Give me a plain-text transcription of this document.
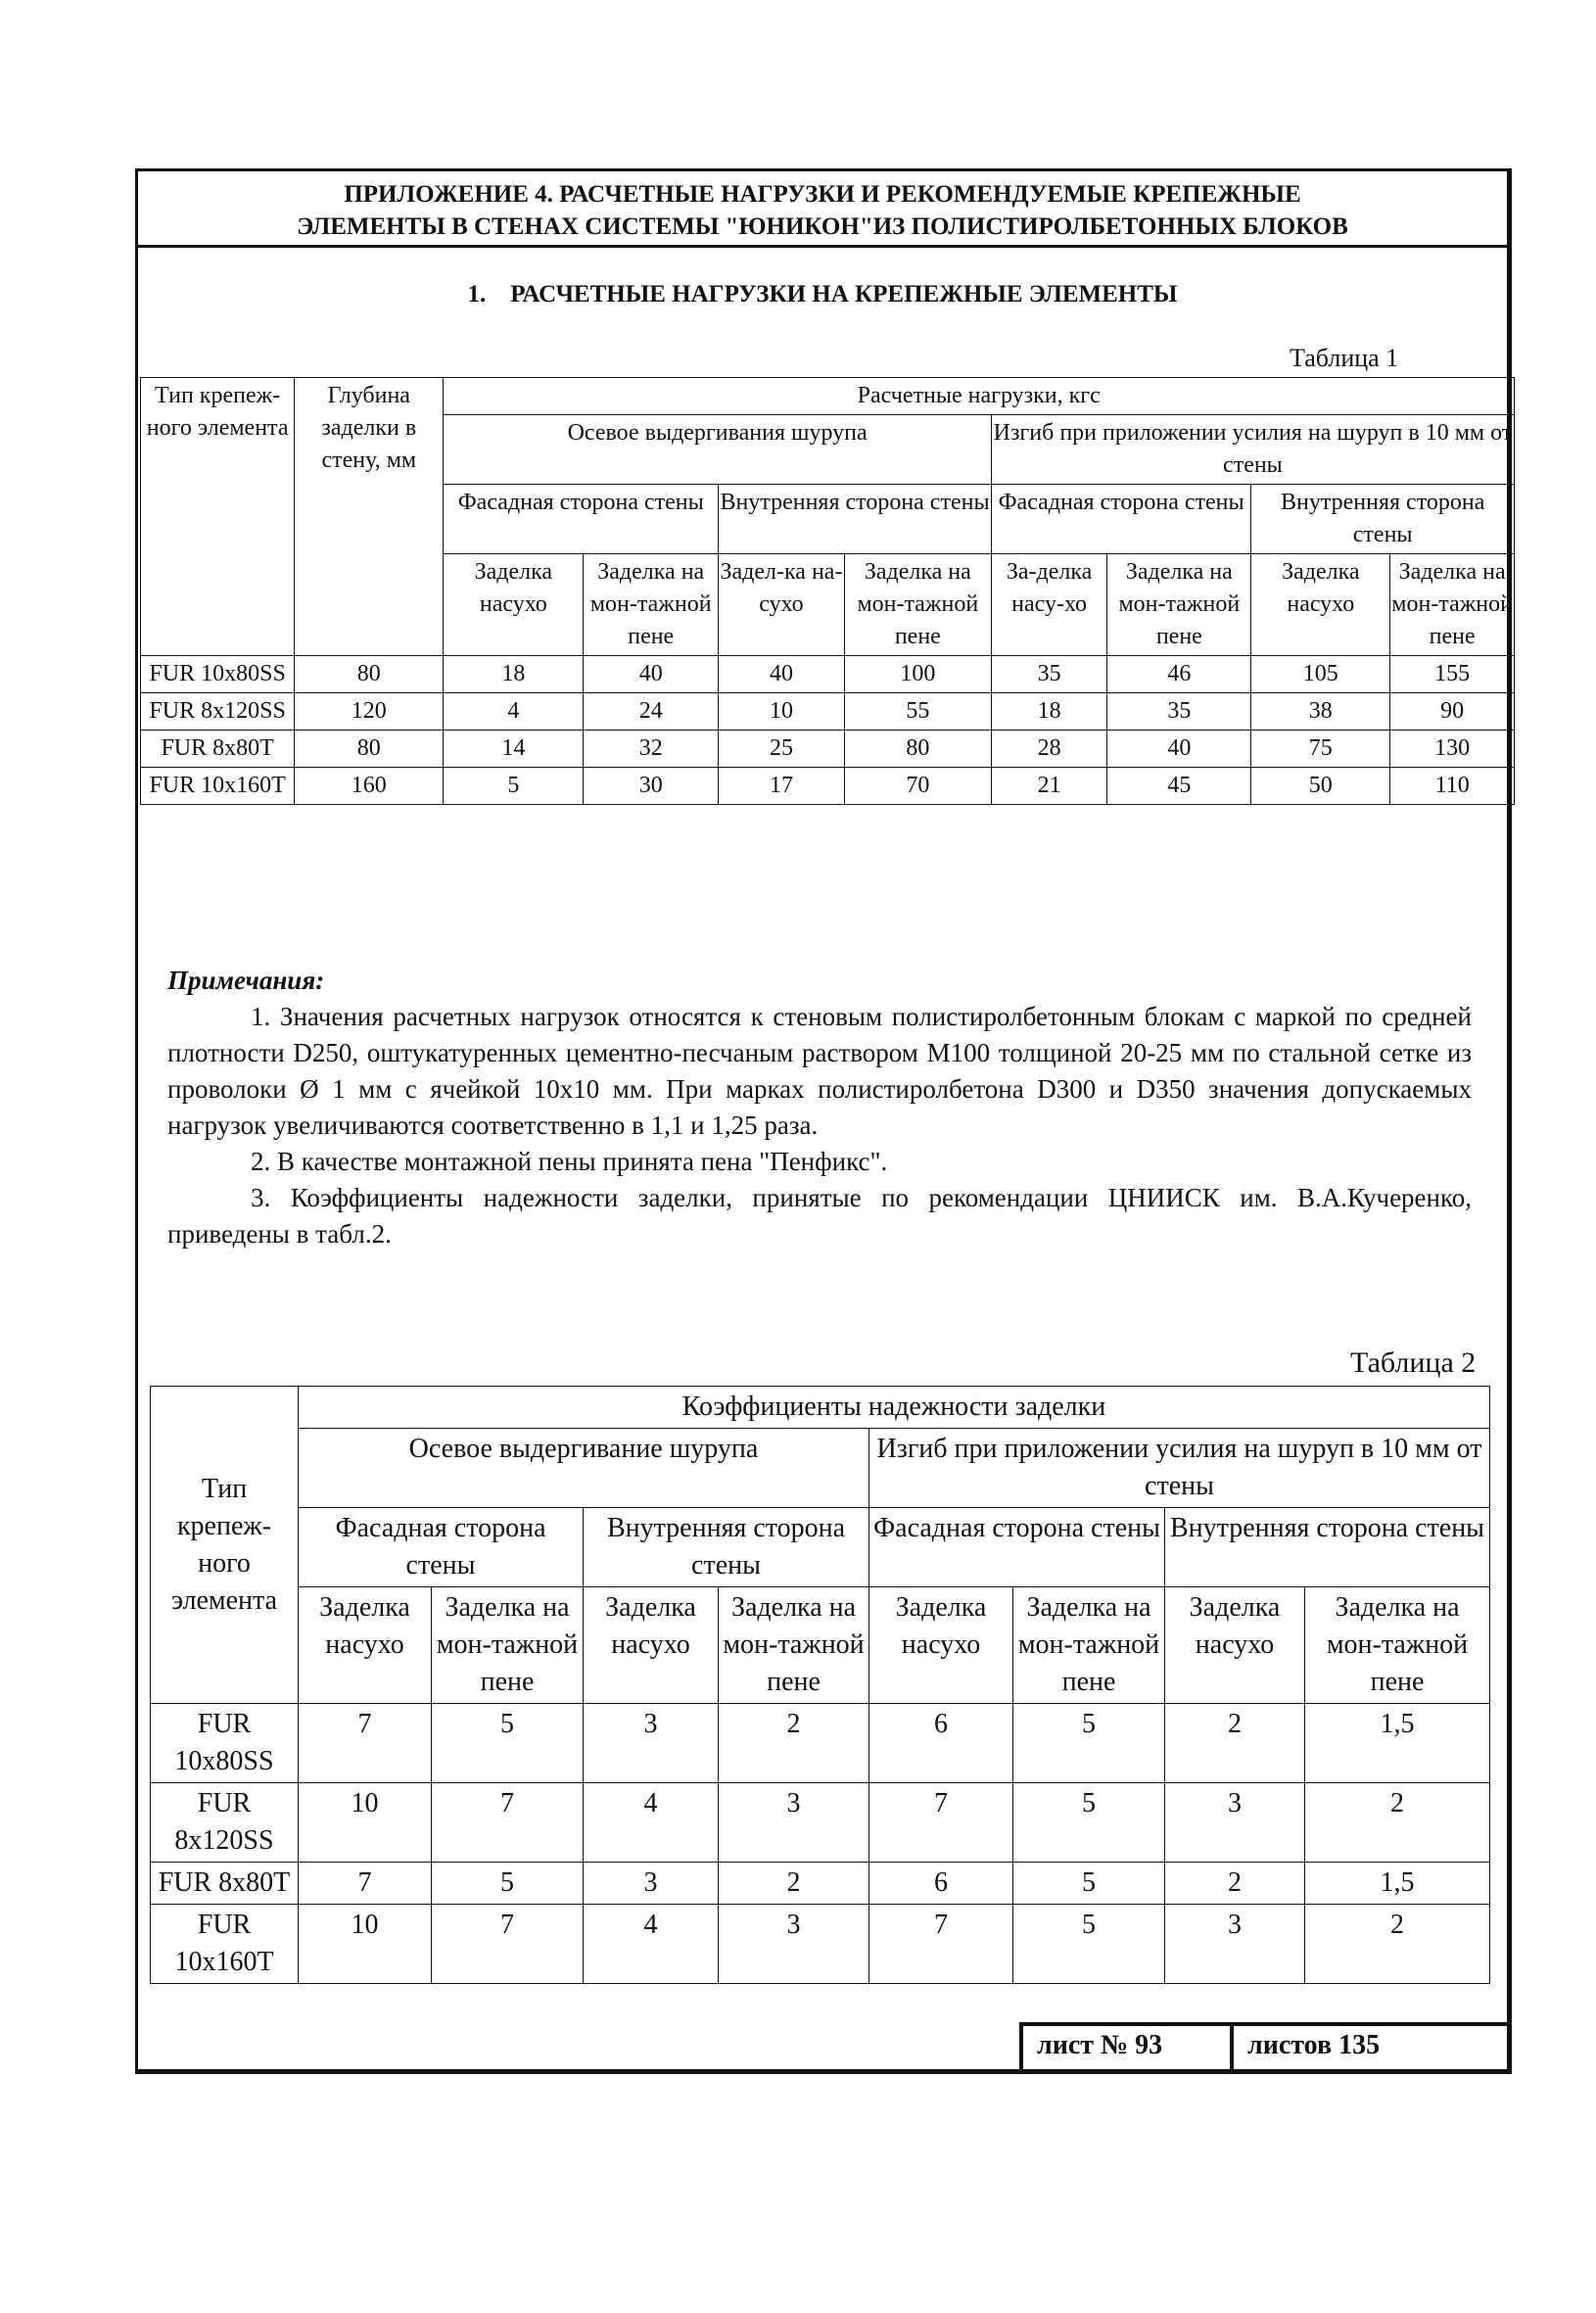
ПРИЛОЖЕНИЕ 4. РАСЧЕТНЫЕ НАГРУЗКИ И РЕКОМЕНДУЕМЫЕ КРЕПЕЖНЫЕ
ЭЛЕМЕНТЫ В СТЕНАХ СИСТЕМЫ "ЮНИКОН"ИЗ ПОЛИСТИРОЛБЕТОННЫХ БЛОКОВ
1.    РАСЧЕТНЫЕ НАГРУЗКИ НА КРЕПЕЖНЫЕ ЭЛЕМЕНТЫ
Таблица 1
Тип крепеж-ного элемента	Глубина заделки в стену, мм	Расчетные нагрузки, кгс							
		Осевое выдергивания шурупа				Изгиб при приложении усилия на шуруп в 10 мм от стены			
		Фасадная сторона стены		Внутренняя сторона стены		Фасадная сторона стены		Внутренняя сторона стены	
		Заделка насухо	Заделка на мон-тажной пене	Задел-ка на-сухо	Заделка на мон-тажной пене	За-делка насу-хо	Заделка на мон-тажной пене	Заделка насухо	Заделка на мон-тажной пене
FUR 10x80SS	80	18	40	40	100	35	46	105	155
FUR 8x120SS	120	4	24	10	55	18	35	38	90
FUR 8x80T	80	14	32	25	80	28	40	75	130
FUR 10x160T	160	5	30	17	70	21	45	50	110
Примечания:

1. Значения расчетных нагрузок относятся к стеновым полистиролбетонным блокам с маркой по средней плотности D250, оштукатуренных цементно-песчаным раствором М100 толщиной 20-25 мм по стальной сетке из проволоки Ø 1 мм с ячейкой 10x10 мм. При марках полистиролбетона D300 и D350 значения допускаемых нагрузок увеличиваются соответственно в 1,1 и 1,25 раза.

2. В качестве монтажной пены принята пена "Пенфикс".

3. Коэффициенты надежности заделки, принятые по рекомендации ЦНИИСК им. В.А.Кучеренко, приведены в табл.2.

Таблица 2
Тип крепеж-ного элемента	Коэффициенты надежности заделки							
	Осевое выдергивание шурупа				Изгиб при приложении усилия на шуруп в 10 мм от стены			
	Фасадная сторона стены		Внутренняя сторона стены		Фасадная сторона стены		Внутренняя сторона стены	
	Заделка насухо	Заделка на мон-тажной пене	Заделка насухо	Заделка на мон-тажной пене	Заделка насухо	Заделка на мон-тажной пене	Заделка насухо	Заделка на мон-тажной пене
FUR 10x80SS	7	5	3	2	6	5	2	1,5
FUR 8x120SS	10	7	4	3	7	5	3	2
FUR 8x80T	7	5	3	2	6	5	2	1,5
FUR 10x160T	10	7	4	3	7	5	3	2
лист № 93	листов 135
